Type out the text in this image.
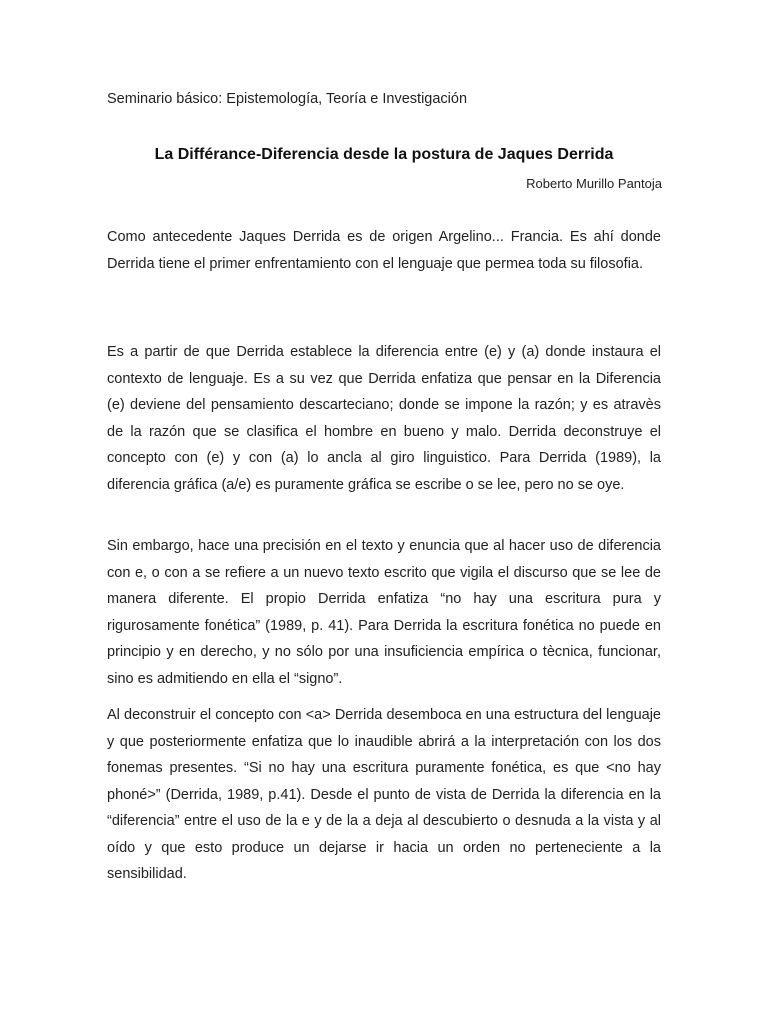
Seminario básico: Epistemología, Teoría e Investigación

La Différance-Diferencia desde la postura de Jaques Derrida

Roberto Murillo Pantoja

Como antecedente Jaques Derrida es de origen Argelino... Francia. Es ahí donde Derrida tiene el primer enfrentamiento con el lenguaje que permea toda su filosofia.

Es a partir de que Derrida establece la diferencia entre (e) y (a) donde instaura el contexto de lenguaje. Es a su vez que Derrida enfatiza que pensar en la Diferencia (e) deviene del pensamiento descarteciano; donde se impone la razón; y es atravès de la razón que se clasifica el hombre en bueno y malo. Derrida deconstruye el concepto con (e) y con (a) lo ancla al giro linguistico. Para Derrida (1989), la diferencia gráfica (a/e) es puramente gráfica se escribe o se lee, pero no se oye.

Sin embargo, hace una precisión en el texto y enuncia que al hacer uso de diferencia con e, o con a se refiere a un nuevo texto escrito que vigila el discurso que se lee de manera diferente. El propio Derrida enfatiza “no hay una escritura pura y rigurosamente fonética” (1989, p. 41). Para Derrida la escritura fonética no puede en principio y en derecho, y no sólo por una insuficiencia empírica o tècnica, funcionar, sino es admitiendo en ella el “signo”.

Al deconstruir el concepto con <a> Derrida desemboca en una estructura del lenguaje y que posteriormente enfatiza que lo inaudible abrirá a la interpretación con los dos fonemas presentes. “Si no hay una escritura puramente fonética, es que <no hay phoné>” (Derrida, 1989, p.41). Desde el punto de vista de Derrida la diferencia en la “diferencia” entre el uso de la e y de la a deja al descubierto o desnuda a la vista y al oído y que esto produce un dejarse ir hacia un orden no perteneciente a la sensibilidad.
